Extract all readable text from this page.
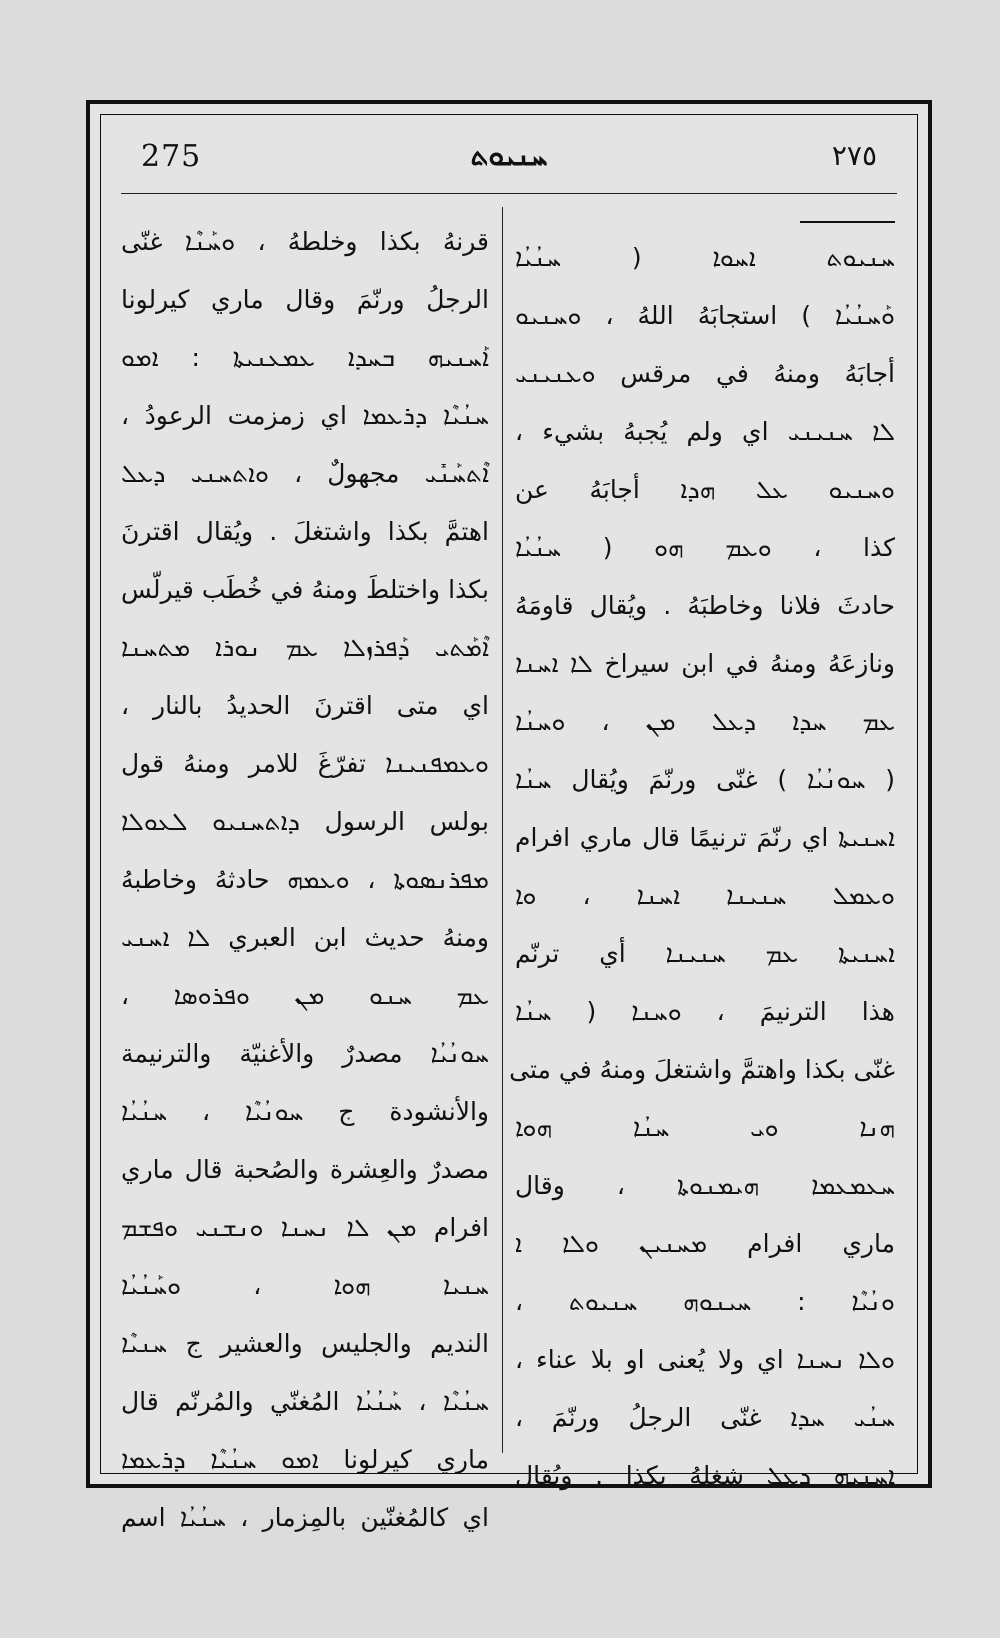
275	ܚܢܝܘܬ	٢٧٥
قرنهُ بكذا وخلطهُ ، ܘܚܰܢܶܐ غنّى
الرجلُ ورنّمَ وقال ماري كيرلونا
ܐܰܚܢܝܗ ܒܚܕܐ ܥܡܥܢܝܬܐ : ܐܡܘ
ܚܢܳܝܶܐ ܕܪܥܡܐ اي زمزمت الرعودُ ،
ܐܶܬܚܰܢܺܝ مجهولٌ ، ܘܐܬܚܢܝ ܕܥܠ
اهتمَّ بكذا واشتغلَ . ويُقال اقترنَ
بكذا واختلطَ ومنهُ في خُطَب قيرلّس
ܐܶܡܰܬܝ ܕܰܦܪܙܠܐ ܥܡ ܢܘܪܐ ܡܬܚܢܐ
اي متى اقترنَ الحديدُ بالنار ،
ܘܥܡܦܢܝܢܐ تفرّغَ للامر ومنهُ قول
بولس الرسول ܕܐܬܚܢܝܘ ܠܥܘܠܐ
ܡܦܪܢܣܘܬܐ ، ܘܥܡܗ حادثهُ وخاطبهُ
ومنهُ حديث ابن العبري ܠܐ ܐܚܢܝ
ܥܡ ܚܢܘ ܡܢ ܘܦܪܘܣܐ ،
ܚܘܢܳܝܳܐ مصدرٌ والأغنيّة والترنيمة
والأنشودة ج ܚܘܢܳܝܶܐ ، ܚܢܳܝܳܐ
مصدرٌ والعِشرة والصُحبة قال ماري
افرام ܡܢ ܠܐ ܢܚܢܐ ܘܢܫܢܝ ܘܦܫܡ
ܚܢܝܐ ܗܘܐ ، ܘܚܰܢܳܝܳܐ
النديم والجليس والعشير ج ܚܢܝܶܐ
ܚܢܳܝܶܐ ، ܚܰܢܳܝܳܐ المُغنّي والمُرنّم قال
ماري كيرلونا ܐܡܘ ܚܢܳܝܶܐ ܕܪܥܡܐ
اي كالمُغنّين بالمِزمار ، ܚܢܳܝܳܐ اسم
ܚܢܝܘܬ ܐܚܘܐ ( ܚܢܳܝܳܐ
ܘܰܚܢܳܝܳܐ ) استجابَهُ اللهُ ، ܘܚܢܝܘ
أجابَهُ ومنهُ في مرقس ܘܥܢܝܢܝ
ܠܐ ܚܢܝܢܝ اي ولم يُجبهُ بشيء ،
ܘܚܢܝܘ ܥܠ ܗܕܐ أجابَهُ عن
كذا ، ܘܥܡ ܗܘ ( ܚܢܳܝܳܐ
حادثَ فلانا وخاطبَهُ . ويُقال قاومَهُ
ونازعَهُ ومنهُ في ابن سيراخ ܠܐ ܐܚܢܐ
ܥܡ ܚܕܐ ܕܥܠ ܡܢ ، ܘܚܢܳܐ
( ܚܘܢܳܝܳܐ ) غنّى ورنّمَ ويُقال ܚܢܳܐ
ܐܚܢܝܬܐ اي رنّمَ ترنيمًا قال ماري افرام
ܘܥܡܠ ܚܢܝܢܐ ܐܚܢܐ ، ܘܐ
ܐܚܢܝܬܐ ܥܡ ܚܢܝܢܐ أي ترنّم
هذا الترنيمَ ، ܘܚܢܐ ( ܚܢܳܐ
غنّى بكذا واهتمَّ واشتغلَ ومنهُ في متى
ܗܢܐ ܘܝ ܚܢܳܐ ܗܘܐ
ܚܥܡܥܡܐ ܗܝܡܢܘܬܐ ، وقال
ماري افرام ܡܚܢܝܢ ܘܠܐ ܐ
ܘܢܳܝܶܐ : ܚܝܢܘܗ ܚܢܝܘܬ ،
ܘܠܐ ܢܚܢܐ اي ولا يُعنى او بلا عناء ،
ܚܢܳܝ ܚܕܐ غنّى الرجلُ ورنّمَ ،
ܐܚܢܝܗ ܕܥܠ شغلهُ بكذا . ويُقال
